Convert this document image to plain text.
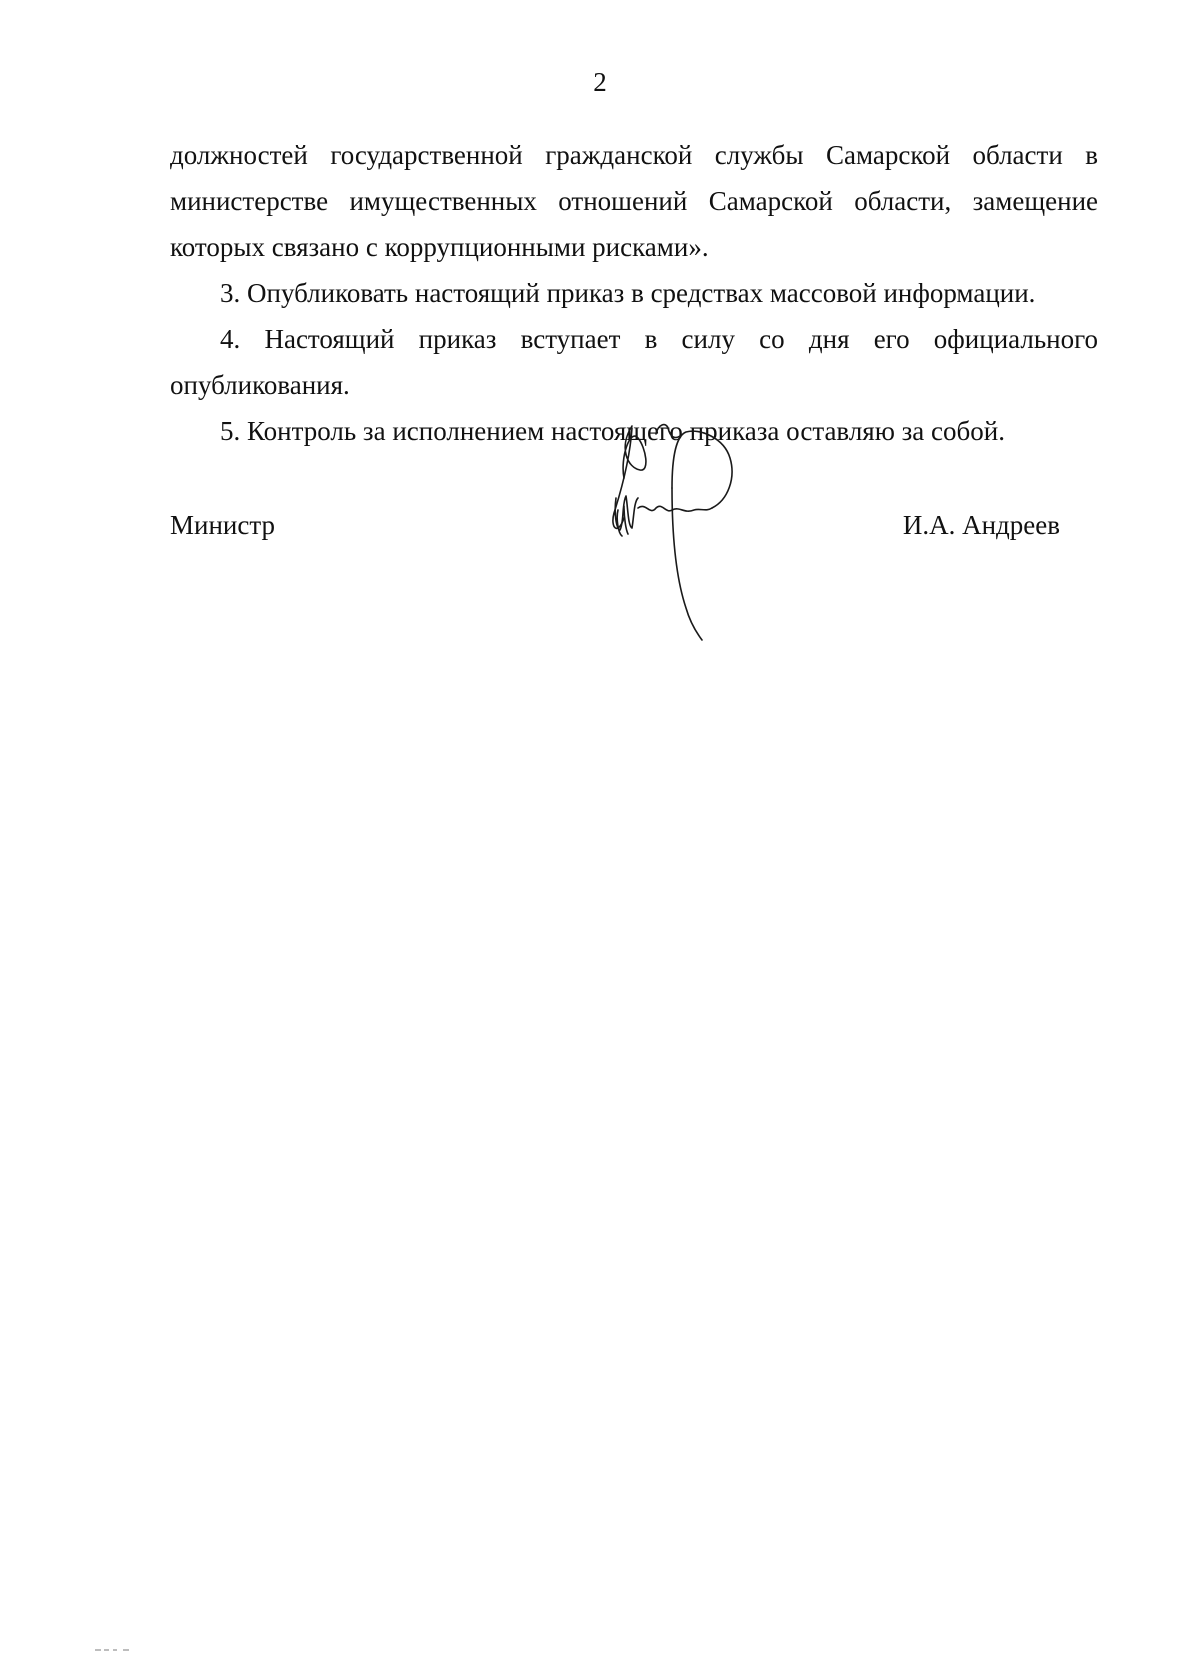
2

должностей государственной гражданской службы Самарской области в министерстве имущественных отношений Самарской области, замещение которых связано с коррупционными рисками».

3. Опубликовать настоящий приказ в средствах массовой информации.

4. Настоящий приказ вступает в силу со дня его официального опубликования.

5. Контроль за исполнением настоящего приказа оставляю за собой.

Министр	И.А. Андреев
